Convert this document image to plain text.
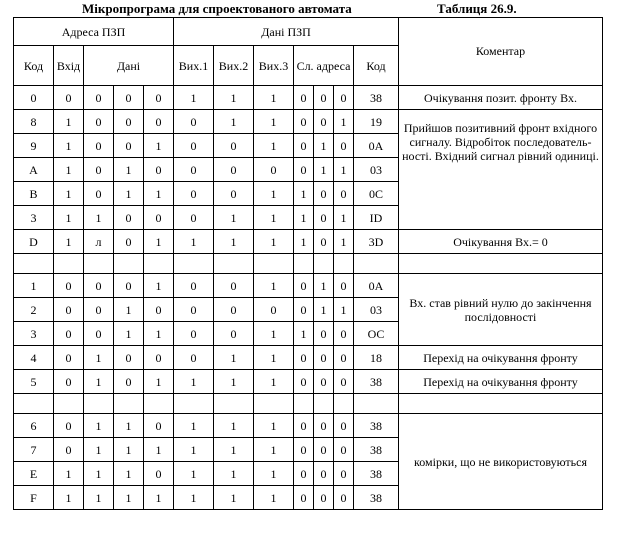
Мікропрограма для спроектованого автомата	Таблиця 26.9.
Адреса ПЗП					Дані ПЗП							Коментар
Код	Вхід	Дані			Вих.1	Вих.2	Вих.3	Сл. адреса			Код	
0	0	0	0	0	1	1	1	0	0	0	38	Очікування позит. фронту Вх.
8	1	0	0	0	0	1	1	0	0	1	19	Прийшов позитивний фронт вхідного сигналу. Відробіток последователь-ності. Вхідний сигнал рівний одиниці.
9	1	0	0	1	0	0	1	0	1	0	0A	
A	1	0	1	0	0	0	0	0	1	1	03	
B	1	0	1	1	0	0	1	1	0	0	0C	
3	1	1	0	0	0	1	1	1	0	1	ID	
D	1	л	0	1	1	1	1	1	0	1	3D	Очікування Вх.= 0

1	0	0	0	1	0	0	1	0	1	0	0A	Вх. став рівний нулю до закінчення послідовності
2	0	0	1	0	0	0	0	0	1	1	03	
3	0	0	1	1	0	0	1	1	0	0	OC	
4	0	1	0	0	0	1	1	0	0	0	18	Перехід на очікування фронту
5	0	1	0	1	1	1	1	0	0	0	38	Перехід на очікування фронту

6	0	1	1	0	1	1	1	0	0	0	38	комірки, що не використовуються
7	0	1	1	1	1	1	1	0	0	0	38	
E	1	1	1	0	1	1	1	0	0	0	38	
F	1	1	1	1	1	1	1	0	0	0	38	
